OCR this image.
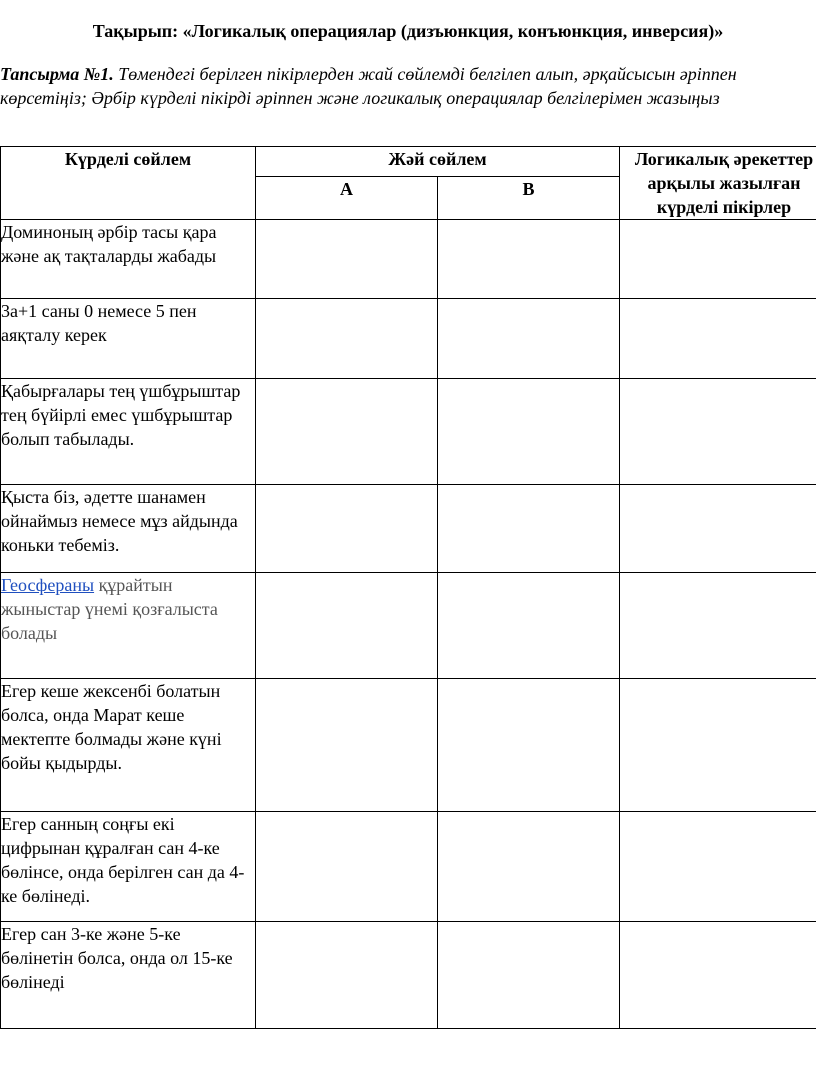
Тақырып: «Логикалық операциялар (дизъюнкция, конъюнкция, инверсия)»

Тапсырма №1. Төмендегі берілген пікірлерден жай сөйлемді белгілеп алып, әрқайсысын әріппен
көрсетіңіз; Әрбір күрделі пікірді әріппен және логикалық операциялар белгілерімен жазыңыз

Күрделі сөйлем	Жәй сөйлем		Логикалық әрекеттер
арқылы жазылған
күрделі пікірлер

	А	В	
Доминоның әрбір тасы қара және ақ тақталарды жабады			
3а+1 саны 0 немесе 5 пен аяқталу керек			
Қабырғалары тең үшбұрыштар тең бүйірлі емес үшбұрыштар болып табылады.			
Қыста біз, әдетте шанамен ойнаймыз немесе мұз айдында коньки тебеміз.			
Геосфераны құрайтын жыныстар үнемі қозғалыста болады			
Егер кеше жексенбі болатын болса, онда Марат кеше мектепте болмады және күні бойы қыдырды.			
Егер санның соңғы екі цифрынан құралған сан 4-ке бөлінсе, онда берілген сан да 4-ке бөлінеді.			
Егер сан 3-ке және 5-ке бөлінетін болса, онда ол 15-ке бөлінеді			
